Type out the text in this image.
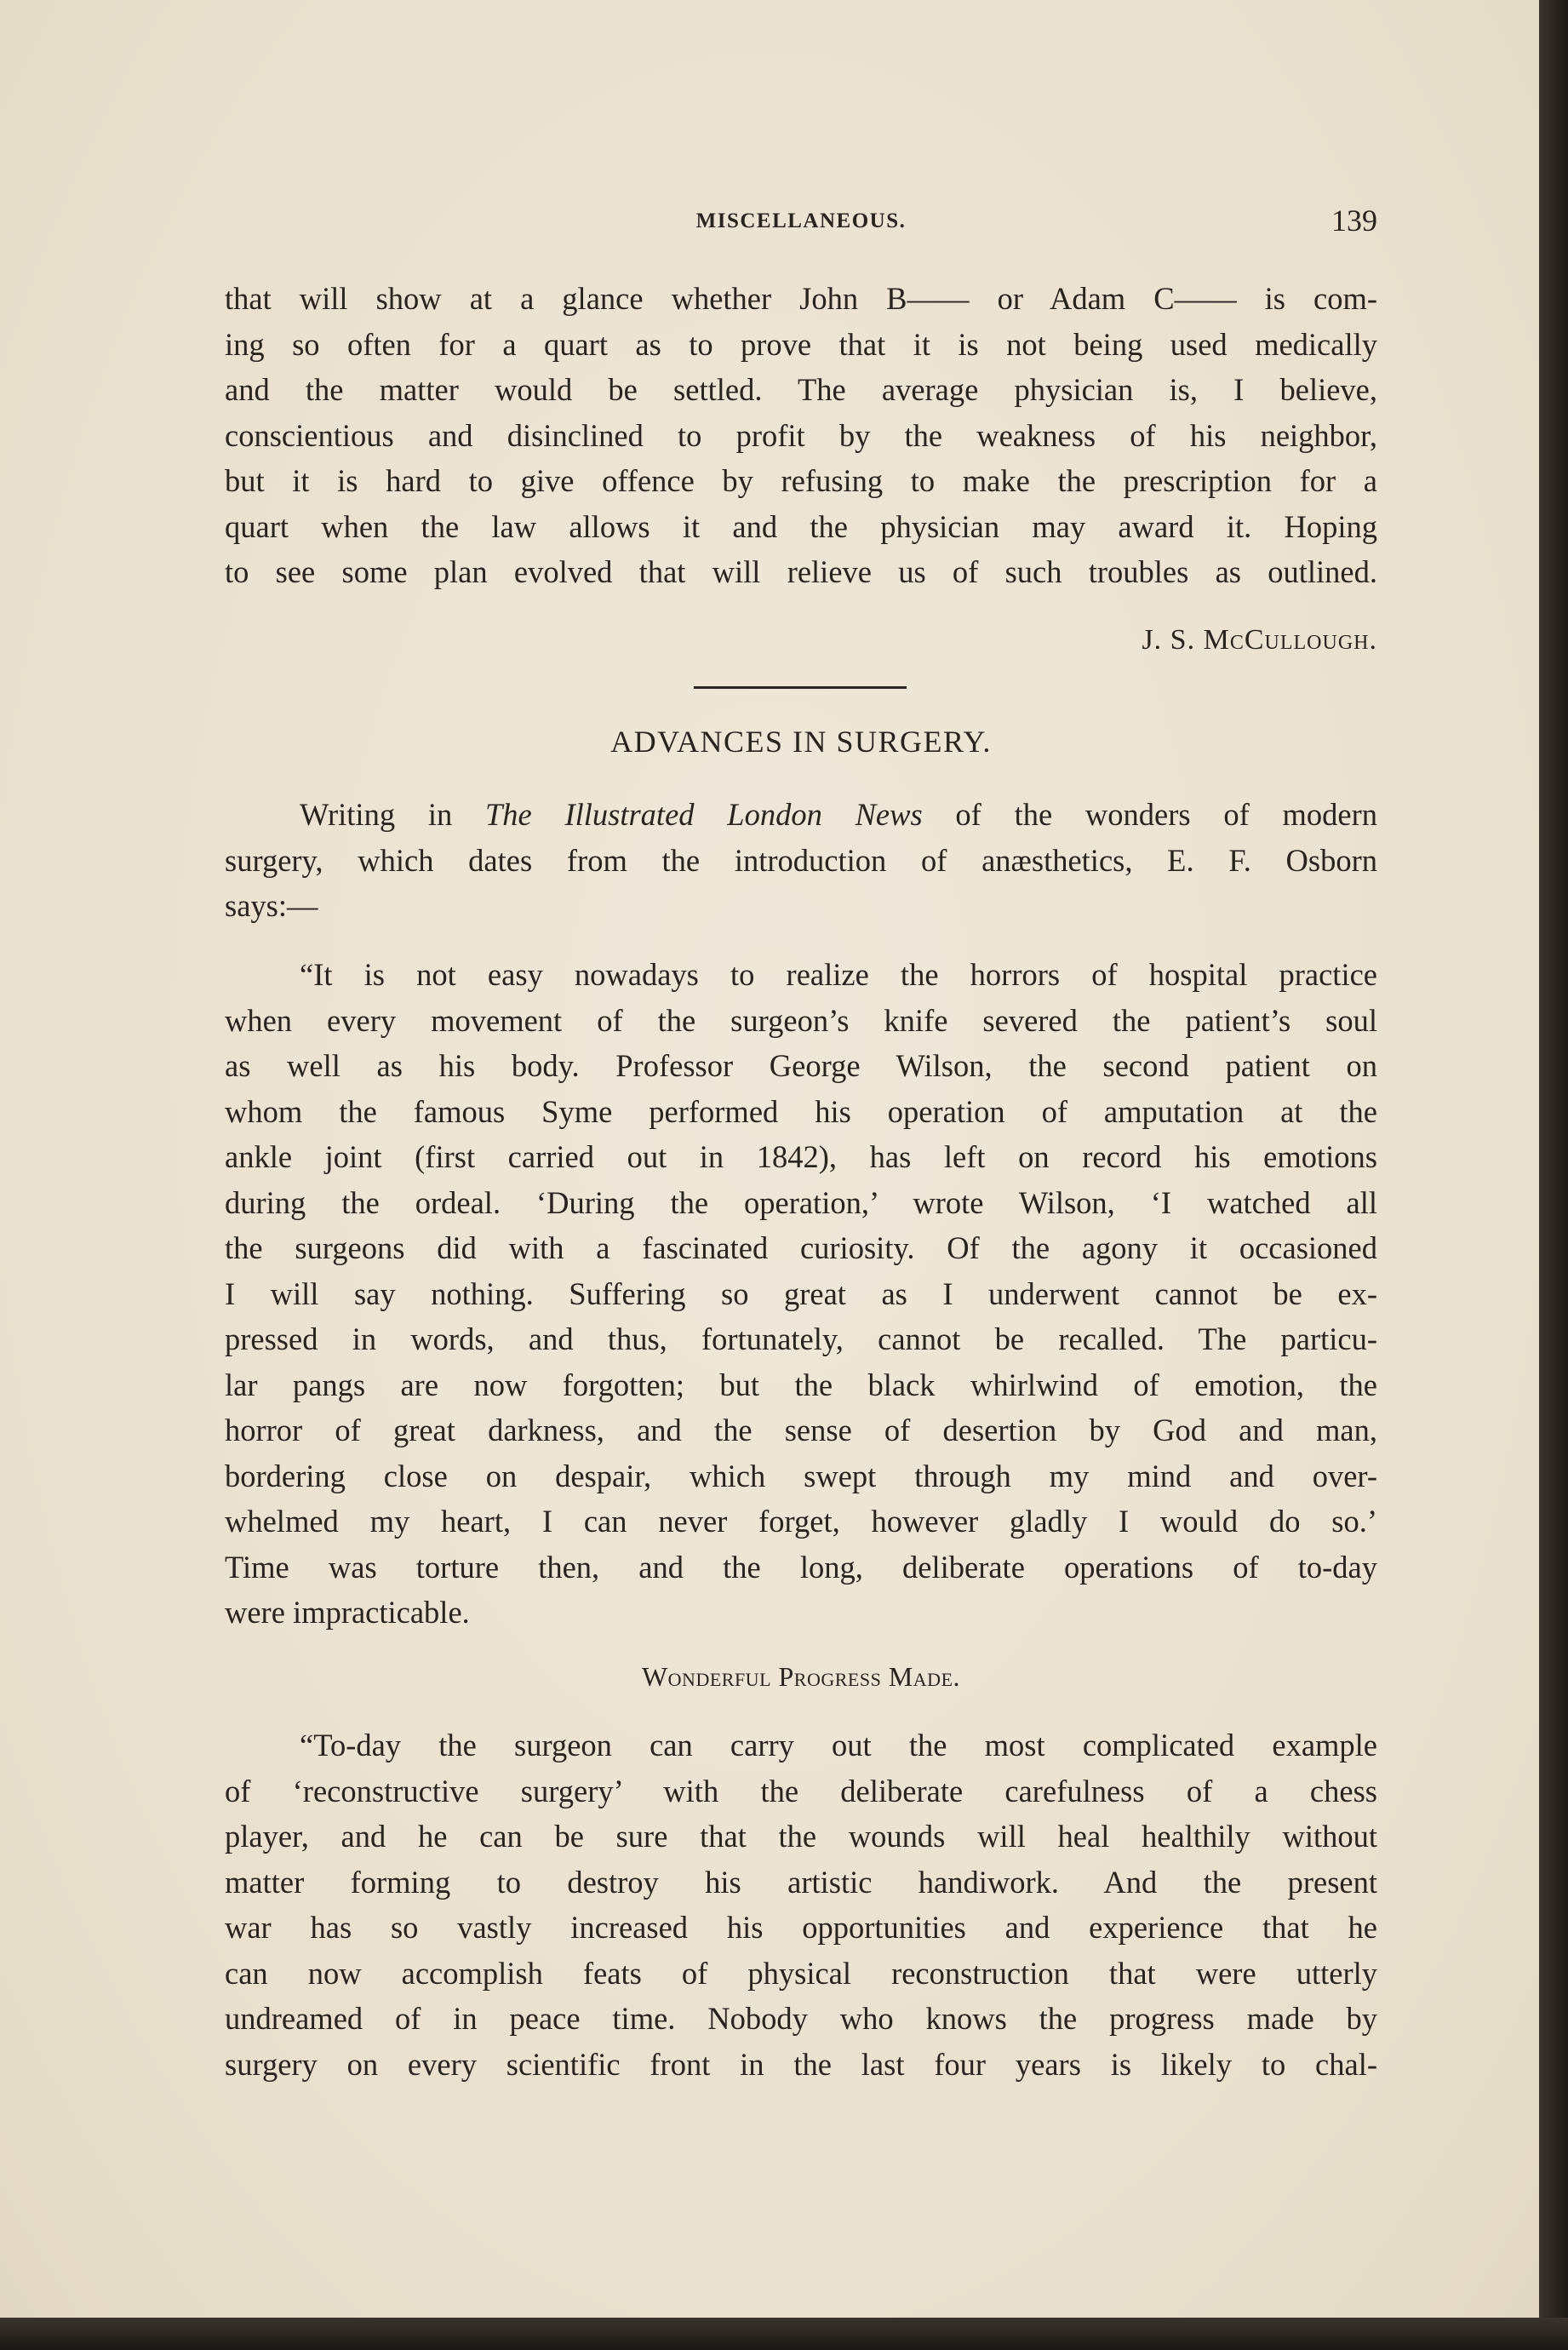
MISCELLANEOUS.	139
that will show at a glance whether John B—— or Adam C—— is com-
ing so often for a quart as to prove that it is not being used medically
and the matter would be settled. The average physician is, I believe,
conscientious and disinclined to profit by the weakness of his neighbor,
but it is hard to give offence by refusing to make the prescription for a
quart when the law allows it and the physician may award it. Hoping
to see some plan evolved that will relieve us of such troubles as outlined.
J. S. McCullough.
ADVANCES IN SURGERY.
Writing in The Illustrated London News of the wonders of modern
surgery, which dates from the introduction of anæsthetics, E. F. Osborn
says:—
“It is not easy nowadays to realize the horrors of hospital practice
when every movement of the surgeon’s knife severed the patient’s soul
as well as his body. Professor George Wilson, the second patient on
whom the famous Syme performed his operation of amputation at the
ankle joint (first carried out in 1842), has left on record his emotions
during the ordeal. ‘During the operation,’ wrote Wilson, ‘I watched all
the surgeons did with a fascinated curiosity. Of the agony it occasioned
I will say nothing. Suffering so great as I underwent cannot be ex-
pressed in words, and thus, fortunately, cannot be recalled. The particu-
lar pangs are now forgotten; but the black whirlwind of emotion, the
horror of great darkness, and the sense of desertion by God and man,
bordering close on despair, which swept through my mind and over-
whelmed my heart, I can never forget, however gladly I would do so.’
Time was torture then, and the long, deliberate operations of to-day
were impracticable.
Wonderful Progress Made.
“To-day the surgeon can carry out the most complicated example
of ‘reconstructive surgery’ with the deliberate carefulness of a chess
player, and he can be sure that the wounds will heal healthily without
matter forming to destroy his artistic handiwork. And the present
war has so vastly increased his opportunities and experience that he
can now accomplish feats of physical reconstruction that were utterly
undreamed of in peace time. Nobody who knows the progress made by
surgery on every scientific front in the last four years is likely to chal-
